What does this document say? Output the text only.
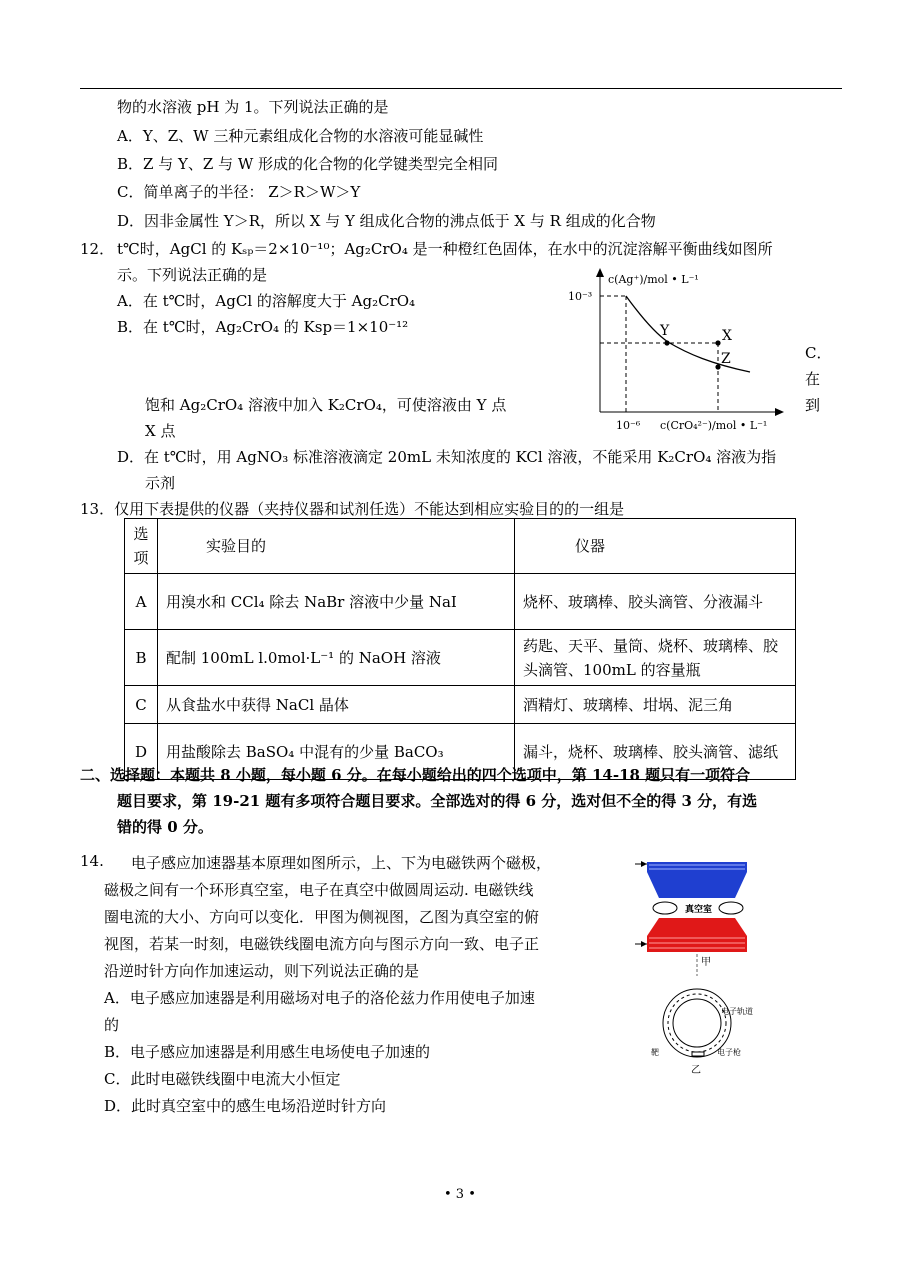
物的水溶液 pH 为 1。下列说法正确的是
A．Y、Z、W 三种元素组成化合物的水溶液可能显碱性
B．Z 与 Y、Z 与 W 形成的化合物的化学键类型完全相同
C．简单离子的半径： Z＞R＞W＞Y
D．因非金属性 Y＞R，所以 X 与 Y 组成化合物的沸点低于 X 与 R 组成的化合物
12． t℃时，AgCl 的 Kₛₚ＝2×10⁻¹⁰；Ag₂CrO₄ 是一种橙红色固体，在水中的沉淀溶解平衡曲线如图所
示。下列说法正确的是
A．在 t℃时，AgCl 的溶解度大于 Ag₂CrO₄
B．在 t℃时，Ag₂CrO₄ 的 Ksp＝1×10⁻¹²
C．
在
到
饱和 Ag₂CrO₄ 溶液中加入 K₂CrO₄，可使溶液由 Y 点
X 点
D．在 t℃时，用 AgNO₃ 标准溶液滴定 20mL 未知浓度的 KCl 溶液，不能采用 K₂CrO₄ 溶液为指
示剂
Y	X
Z
10⁻³
10⁻⁶
c(Ag⁺)/mol • L⁻¹
c(CrO₄²⁻)/mol • L⁻¹
13．仅用下表提供的仪器（夹持仪器和试剂任选）不能达到相应实验目的的一组是
选项	实验目的	仪器
A	用溴水和 CCl₄ 除去 NaBr 溶液中少量 NaI	烧杯、玻璃棒、胶头滴管、分液漏斗
B	配制 100mL l.0mol·L⁻¹ 的 NaOH 溶液	药匙、天平、量筒、烧杯、玻璃棒、胶头滴管、100mL 的容量瓶
C	从食盐水中获得 NaCl 晶体	酒精灯、玻璃棒、坩埚、泥三角
D	用盐酸除去 BaSO₄ 中混有的少量 BaCO₃	漏斗，烧杯、玻璃棒、胶头滴管、滤纸
二、选择题：本题共 8 小题，每小题 6 分。在每小题给出的四个选项中，第 14-18 题只有一项符合
题目要求，第 19-21 题有多项符合题目要求。全部选对的得 6 分，选对但不全的得 3 分，有选
错的得 0 分。
14. 电子感应加速器基本原理如图所示，上、下为电磁铁两个磁极，
磁极之间有一个环形真空室，电子在真空中做圆周运动. 电磁铁线
圈电流的大小、方向可以变化．甲图为侧视图，乙图为真空室的俯
视图，若某一时刻，电磁铁线圈电流方向与图示方向一致、电子正
沿逆时针方向作加速运动，则下列说法正确的是
A．电子感应加速器是利用磁场对电子的洛伦兹力作用使电子加速
的
B．电子感应加速器是利用感生电场使电子加速的
C．此时电磁铁线圈中电流大小恒定
D．此时真空室中的感生电场沿逆时针方向
真空室
甲
电子轨道
靶	电子枪
乙
• 3 •
